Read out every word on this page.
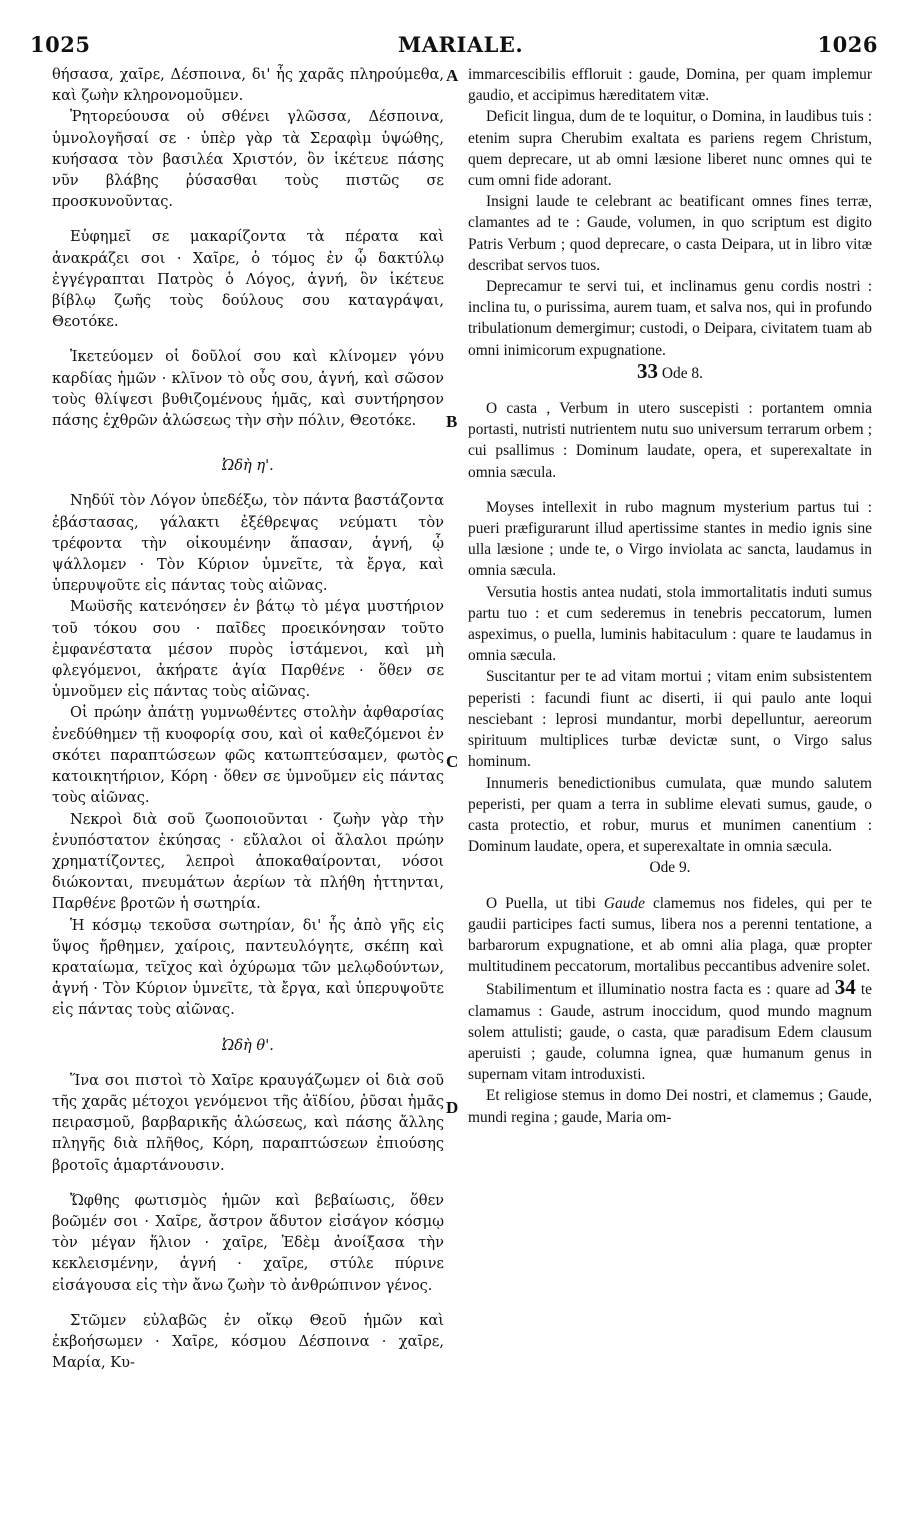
1025	MARIALE.	1026
A
B
C
D

θήσασα, χαῖρε, Δέσποινα, δι' ἧς χαρᾶς πληρούμεθα, καὶ ζωὴν κληρονομοῦμεν.

Ῥητορεύουσα οὐ σθένει γλῶσσα, Δέσποινα, ὑμνολογῆσαί σε · ὑπὲρ γὰρ τὰ Σεραφὶμ ὑψώθης, κυήσασα τὸν βασιλέα Χριστόν, ὃν ἱκέτευε πάσης νῦν βλάβης ῥύσασθαι τοὺς πιστῶς σε προσκυνοῦντας.

Εὐφημεῖ σε μακαρίζοντα τὰ πέρατα καὶ ἀνακράζει σοι · Χαῖρε, ὁ τόμος ἐν ᾧ δακτύλῳ ἐγγέγραπται Πατρὸς ὁ Λόγος, ἁγνή, ὃν ἱκέτευε βίβλῳ ζωῆς τοὺς δούλους σου καταγράψαι, Θεοτόκε.

Ἱκετεύομεν οἱ δοῦλοί σου καὶ κλίνομεν γόνυ καρδίας ἡμῶν · κλῖνον τὸ οὖς σου, ἁγνή, καὶ σῶσον τοὺς θλίψεσι βυθιζομένους ἡμᾶς, καὶ συντήρησον πάσης ἐχθρῶν ἁλώσεως τὴν σὴν πόλιν, Θεοτόκε.

Ὠδὴ η'.

Νηδύϊ τὸν Λόγον ὑπεδέξω, τὸν πάντα βαστάζοντα ἐβάστασας, γάλακτι ἐξέθρεψας νεύματι τὸν τρέφοντα τὴν οἰκουμένην ἅπασαν, ἁγνή, ᾧ ψάλλομεν · Τὸν Κύριον ὑμνεῖτε, τὰ ἔργα, καὶ ὑπερυψοῦτε εἰς πάντας τοὺς αἰῶνας.

Μωϋσῆς κατενόησεν ἐν βάτῳ τὸ μέγα μυστήριον τοῦ τόκου σου · παῖδες προεικόνησαν τοῦτο ἐμφανέστατα μέσον πυρὸς ἱστάμενοι, καὶ μὴ φλεγόμενοι, ἀκήρατε ἁγία Παρθένε · ὅθεν σε ὑμνοῦμεν εἰς πάντας τοὺς αἰῶνας.

Οἱ πρώην ἀπάτῃ γυμνωθέντες στολὴν ἀφθαρσίας ἐνεδύθημεν τῇ κυοφορίᾳ σου, καὶ οἱ καθεζόμενοι ἐν σκότει παραπτώσεων φῶς κατωπτεύσαμεν, φωτὸς κατοικητήριον, Κόρη · ὅθεν σε ὑμνοῦμεν εἰς πάντας τοὺς αἰῶνας.

Νεκροὶ διὰ σοῦ ζωοποιοῦνται · ζωὴν γὰρ τὴν ἐνυπόστατον ἐκύησας · εὔλαλοι οἱ ἄλαλοι πρώην χρηματίζοντες, λεπροὶ ἀποκαθαίρονται, νόσοι διώκονται, πνευμάτων ἀερίων τὰ πλήθη ἡττηνται, Παρθένε βροτῶν ἡ σωτηρία.

Ἡ κόσμῳ τεκοῦσα σωτηρίαν, δι' ἧς ἀπὸ γῆς εἰς ὕψος ἤρθημεν, χαίροις, παντευλόγητε, σκέπη καὶ κραταίωμα, τεῖχος καὶ ὀχύρωμα τῶν μελῳδούντων, ἁγνή · Τὸν Κύριον ὑμνεῖτε, τὰ ἔργα, καὶ ὑπερυψοῦτε εἰς πάντας τοὺς αἰῶνας.

Ὠδὴ θ'.

Ἵνα σοι πιστοὶ τὸ Χαῖρε κραυγάζωμεν οἱ διὰ σοῦ τῆς χαρᾶς μέτοχοι γενόμενοι τῆς ἀϊδίου, ῥῦσαι ἡμᾶς πειρασμοῦ, βαρβαρικῆς ἁλώσεως, καὶ πάσης ἄλλης πληγῆς διὰ πλῆθος, Κόρη, παραπτώσεων ἐπιούσης βροτοῖς ἁμαρτάνουσιν.

Ὤφθης φωτισμὸς ἡμῶν καὶ βεβαίωσις, ὅθεν βοῶμέν σοι · Χαῖρε, ἄστρον ἄδυτον εἰσάγον κόσμῳ τὸν μέγαν ἥλιον · χαῖρε, Ἐδὲμ ἀνοίξασα τὴν κεκλεισμένην, ἁγνή · χαῖρε, στύλε πύρινε εἰσάγουσα εἰς τὴν ἄνω ζωὴν τὸ ἀνθρώπινον γένος.

Στῶμεν εὐλαβῶς ἐν οἴκῳ Θεοῦ ἡμῶν καὶ ἐκβοήσωμεν · Χαῖρε, κόσμου Δέσποινα · χαῖρε, Μαρία, Κυ-

immarcescibilis effloruit : gaude, Domina, per quam implemur gaudio, et accipimus hæreditatem vitæ.

Deficit lingua, dum de te loquitur, o Domina, in laudibus tuis : etenim supra Cherubim exaltata es pariens regem Christum, quem deprecare, ut ab omni læsione liberet nunc omnes qui te cum omni fide adorant.

Insigni laude te celebrant ac beatificant omnes fines terræ, clamantes ad te : Gaude, volumen, in quo scriptum est digito Patris Verbum ; quod deprecare, o casta Deipara, ut in libro vitæ describat servos tuos.

Deprecamur te servi tui, et inclinamus genu cordis nostri : inclina tu, o purissima, aurem tuam, et salva nos, qui in profundo tribulationum demergimur; custodi, o Deipara, civitatem tuam ab omni inimicorum expugnatione.

33 Ode 8.

O casta , Verbum in utero suscepisti : portantem omnia portasti, nutristi nutrientem nutu suo universum terrarum orbem ; cui psallimus : Dominum laudate, opera, et superexaltate in omnia sæcula.

Moyses intellexit in rubo magnum mysterium partus tui : pueri præfigurarunt illud apertissime stantes in medio ignis sine ulla læsione ; unde te, o Virgo inviolata ac sancta, laudamus in omnia sæcula.

Versutia hostis antea nudati, stola immortalitatis induti sumus partu tuo : et cum sederemus in tenebris peccatorum, lumen aspeximus, o puella, luminis habitaculum : quare te laudamus in omnia sæcula.

Suscitantur per te ad vitam mortui ; vitam enim subsistentem peperisti : facundi fiunt ac diserti, ii qui paulo ante loqui nesciebant : leprosi mundantur, morbi depelluntur, aereorum spirituum multiplices turbæ devictæ sunt, o Virgo salus hominum.

Innumeris benedictionibus cumulata, quæ mundo salutem peperisti, per quam a terra in sublime elevati sumus, gaude, o casta protectio, et robur, murus et munimen canentium : Dominum laudate, opera, et superexaltate in omnia sæcula.

Ode 9.

O Puella, ut tibi Gaude clamemus nos fideles, qui per te gaudii participes facti sumus, libera nos a perenni tentatione, a barbarorum expugnatione, et ab omni alia plaga, quæ propter multitudinem peccatorum, mortalibus peccantibus advenire solet.

Stabilimentum et illuminatio nostra facta es : quare ad 34 te clamamus : Gaude, astrum inoccidum, quod mundo magnum solem attulisti; gaude, o casta, quæ paradisum Edem clausum aperuisti ; gaude, columna ignea, quæ humanum genus in supernam vitam introduxisti.

Et religiose stemus in domo Dei nostri, et clamemus ; Gaude, mundi regina ; gaude, Maria om-
